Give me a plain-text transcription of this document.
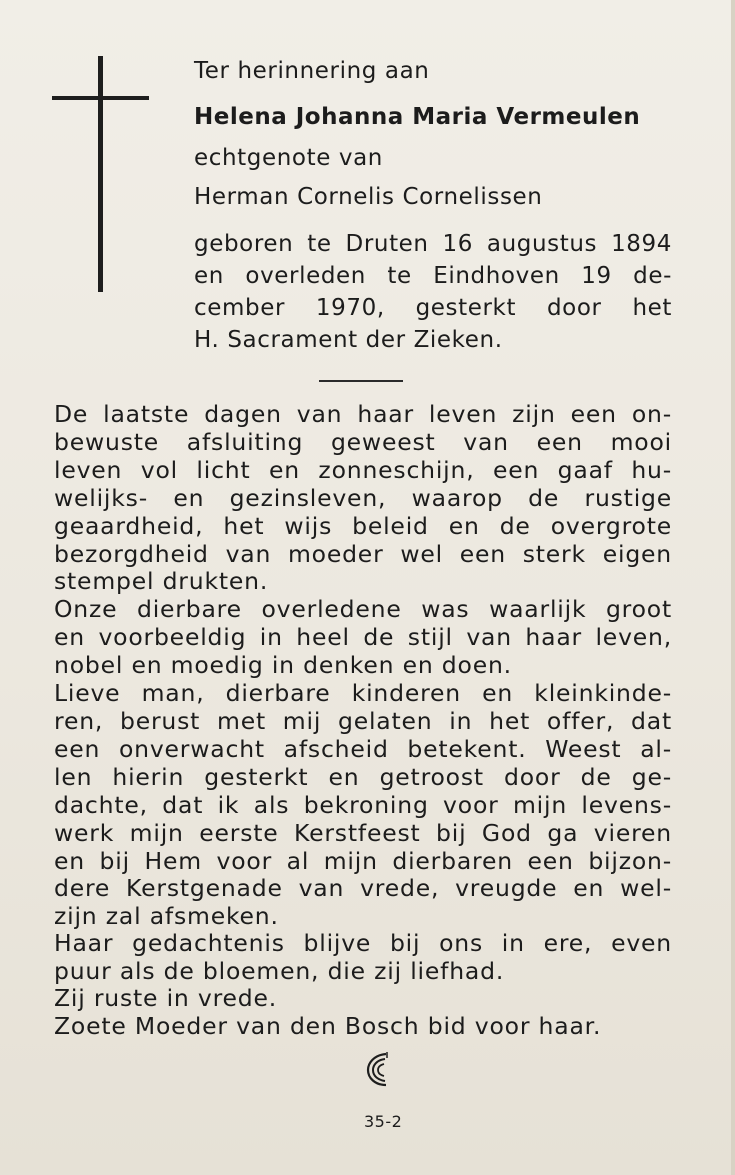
Ter herinnering aan
Helena Johanna Maria Vermeulen
echtgenote van
Herman Cornelis Cornelissen
geboren te Druten 16 augustus 1894
en overleden te Eindhoven 19 de-
cember 1970, gesterkt door het
H. Sacrament der Zieken.
De laatste dagen van haar leven zijn een on-
bewuste afsluiting geweest van een mooi
leven vol licht en zonneschijn, een gaaf hu-
welijks- en gezinsleven, waarop de rustige
geaardheid, het wijs beleid en de overgrote
bezorgdheid van moeder wel een sterk eigen
stempel drukten.
Onze dierbare overledene was waarlijk groot
en voorbeeldig in heel de stijl van haar leven,
nobel en moedig in denken en doen.
Lieve man, dierbare kinderen en kleinkinde-
ren, berust met mij gelaten in het offer, dat
een onverwacht afscheid betekent. Weest al-
len hierin gesterkt en getroost door de ge-
dachte, dat ik als bekroning voor mijn levens-
werk mijn eerste Kerstfeest bij God ga vieren
en bij Hem voor al mijn dierbaren een bijzon-
dere Kerstgenade van vrede, vreugde en wel-
zijn zal afsmeken.
Haar gedachtenis blijve bij ons in ere, even
puur als de bloemen, die zij liefhad.
Zij ruste in vrede.
Zoete Moeder van den Bosch bid voor haar.
35-2
